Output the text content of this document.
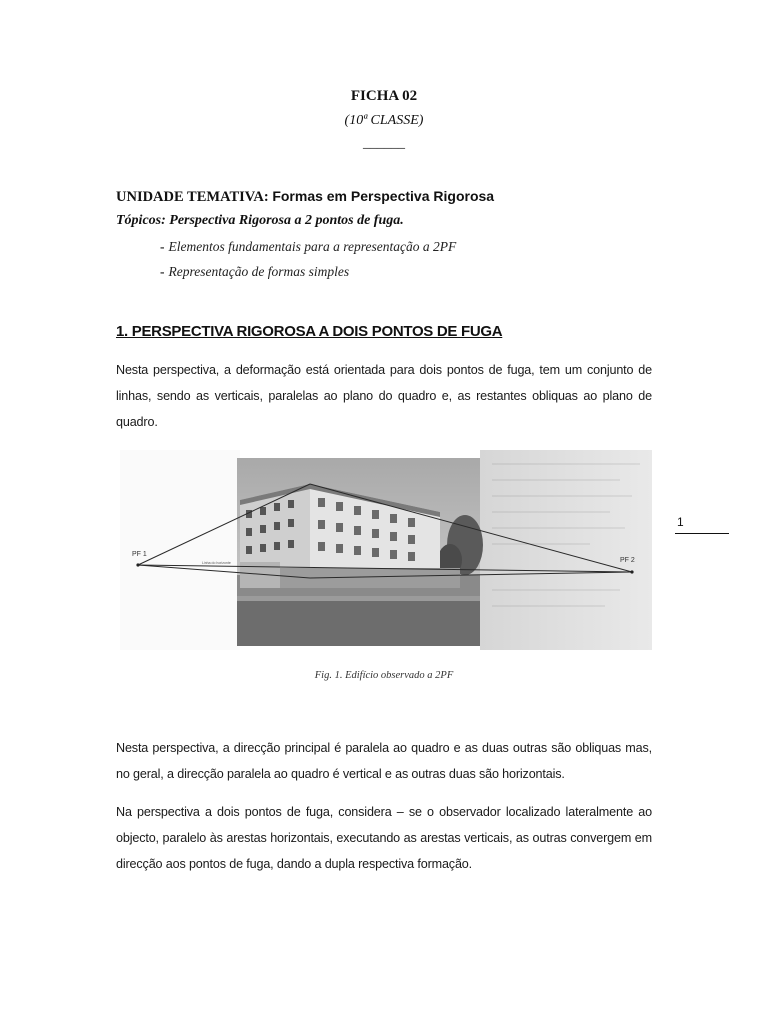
FICHA 02
(10ª CLASSE)
______
UNIDADE TEMATIVA: Formas em Perspectiva Rigorosa
Tópicos: Perspectiva Rigorosa a 2 pontos de fuga.
- Elementos fundamentais para a representação a 2PF
- Representação de formas simples
1. PERSPECTIVA RIGOROSA A DOIS PONTOS DE FUGA
Nesta perspectiva, a deformação está orientada para dois pontos de fuga, tem um conjunto de linhas, sendo as verticais, paralelas ao plano do quadro e, as restantes obliquas ao plano de quadro.
PF 1
PF 2
Linha do horizonte
Fig. 1. Edifício observado a 2PF
1
Nesta perspectiva, a direcção principal é paralela ao quadro e as duas outras são obliquas mas, no geral, a direcção paralela ao quadro é vertical e as outras duas são horizontais.
Na perspectiva a dois pontos de fuga, considera – se o observador localizado lateralmente ao objecto, paralelo às arestas horizontais, executando as arestas verticais, as outras convergem em direcção aos pontos de fuga, dando a dupla respectiva formação.
